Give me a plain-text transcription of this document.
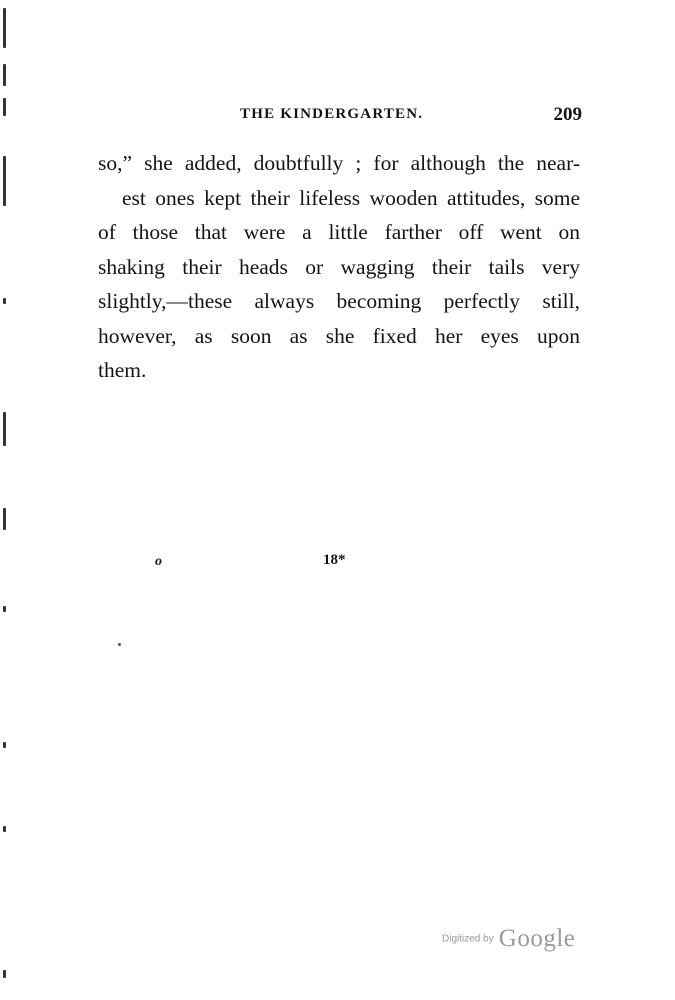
THE KINDERGARTEN.	209
so,” she added, doubtfully ; for although the near-
est ones kept their lifeless wooden attitudes, some
of those that were a little farther off went on
shaking their heads or wagging their tails very
slightly,—these always becoming perfectly still,
however, as soon as she fixed her eyes upon
them.
o	18*
Digitized by Google
